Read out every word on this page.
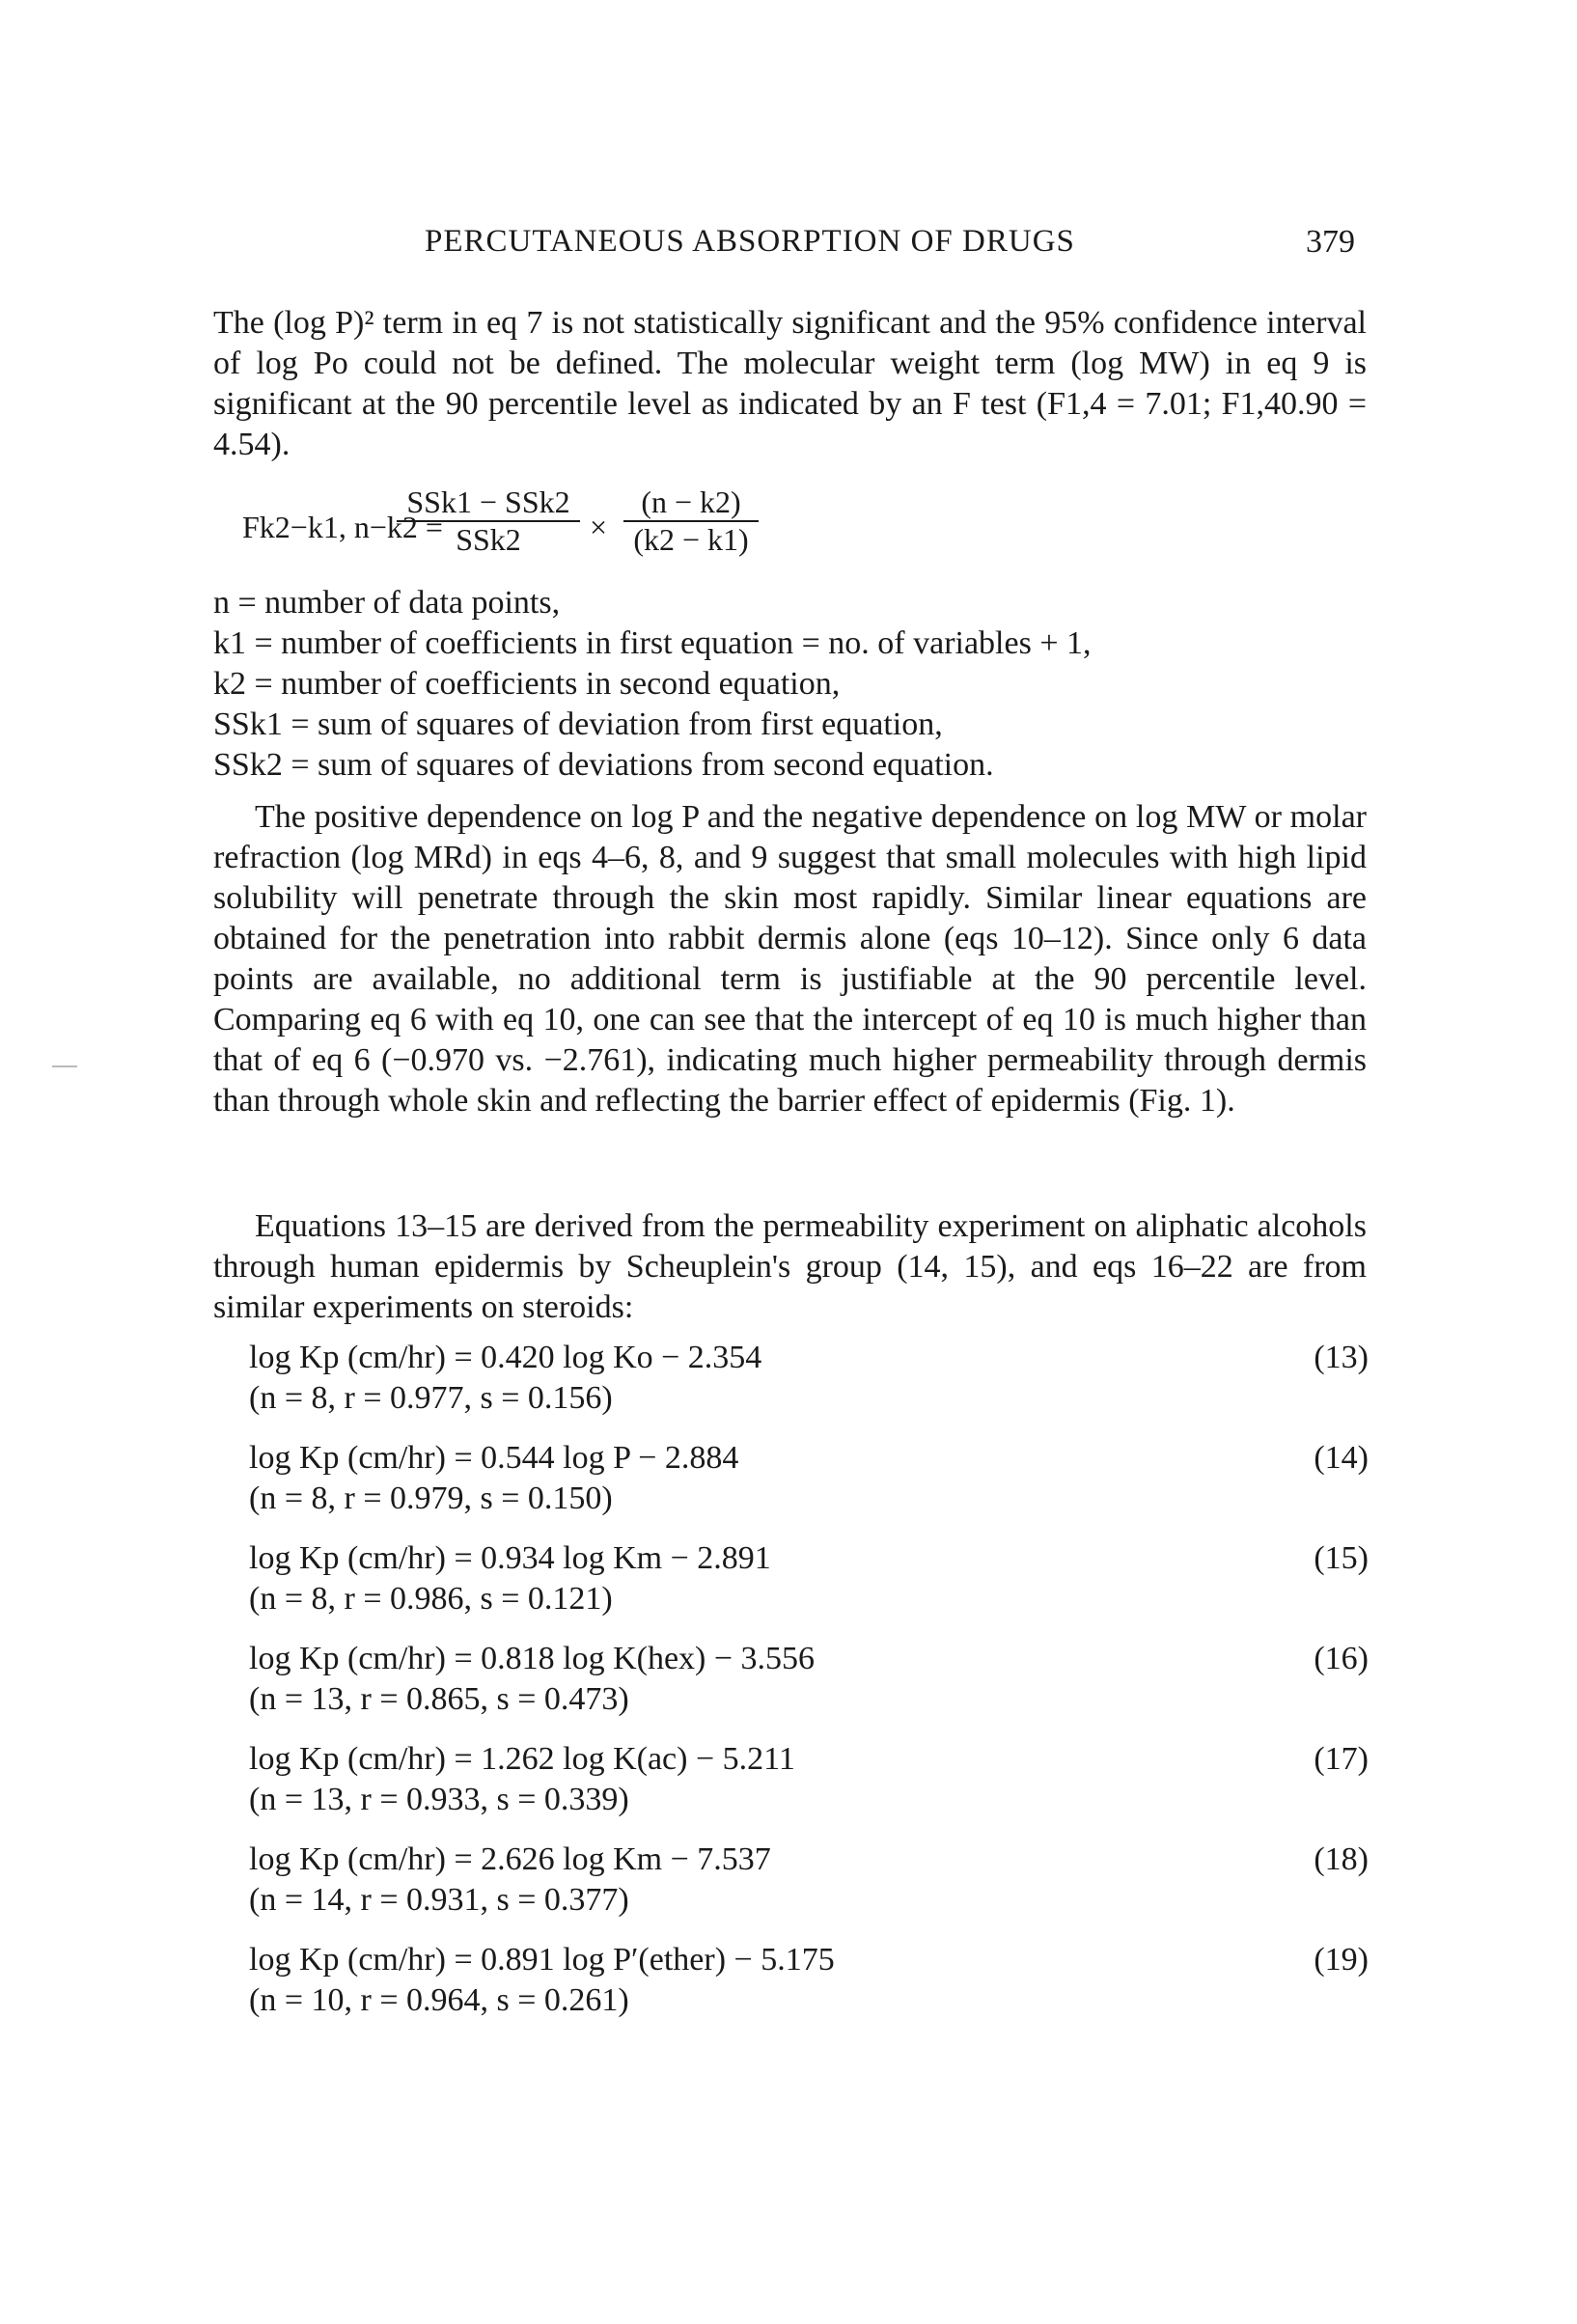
PERCUTANEOUS ABSORPTION OF DRUGS	379
The (log P)² term in eq 7 is not statistically significant and the 95% confidence interval of log Po could not be defined. The molecular weight term (log MW) in eq 9 is significant at the 90 percentile level as indicated by an F test (F1,4 = 7.01; F1,40.90 = 4.54).
Fk2−k1, n−k2 =
SSk1 − SSk2
SSk2	× $\frac{(n - k2)}{(k2 - k1)}$
n = number of data points,
k1 = number of coefficients in first equation = no. of variables + 1,
k2 = number of coefficients in second equation,
SSk1 = sum of squares of deviation from first equation,
SSk2 = sum of squares of deviations from second equation.
The positive dependence on log P and the negative dependence on log MW or molar refraction (log MRd) in eqs 4–6, 8, and 9 suggest that small molecules with high lipid solubility will penetrate through the skin most rapidly. Similar linear equations are obtained for the penetration into rabbit dermis alone (eqs 10–12). Since only 6 data points are available, no additional term is justifiable at the 90 percentile level. Comparing eq 6 with eq 10, one can see that the intercept of eq 10 is much higher than that of eq 6 (−0.970 vs. −2.761), indicating much higher permeability through dermis than through whole skin and reflecting the barrier effect of epidermis (Fig. 1).
Equations 13–15 are derived from the permeability experiment on aliphatic alcohols through human epidermis by Scheuplein's group (14, 15), and eqs 16–22 are from similar experiments on steroids:
log Kp (cm/hr) = 0.420 log Ko − 2.354	(13)
(n = 8, r = 0.977, s = 0.156)
log Kp (cm/hr) = 0.544 log P − 2.884	(14)
(n = 8, r = 0.979, s = 0.150)
log Kp (cm/hr) = 0.934 log Km − 2.891	(15)
(n = 8, r = 0.986, s = 0.121)
log Kp (cm/hr) = 0.818 log K(hex) − 3.556	(16)
(n = 13, r = 0.865, s = 0.473)
log Kp (cm/hr) = 1.262 log K(ac) − 5.211	(17)
(n = 13, r = 0.933, s = 0.339)
log Kp (cm/hr) = 2.626 log Km − 7.537	(18)
(n = 14, r = 0.931, s = 0.377)
log Kp (cm/hr) = 0.891 log P′(ether) − 5.175	(19)
(n = 10, r = 0.964, s = 0.261)
